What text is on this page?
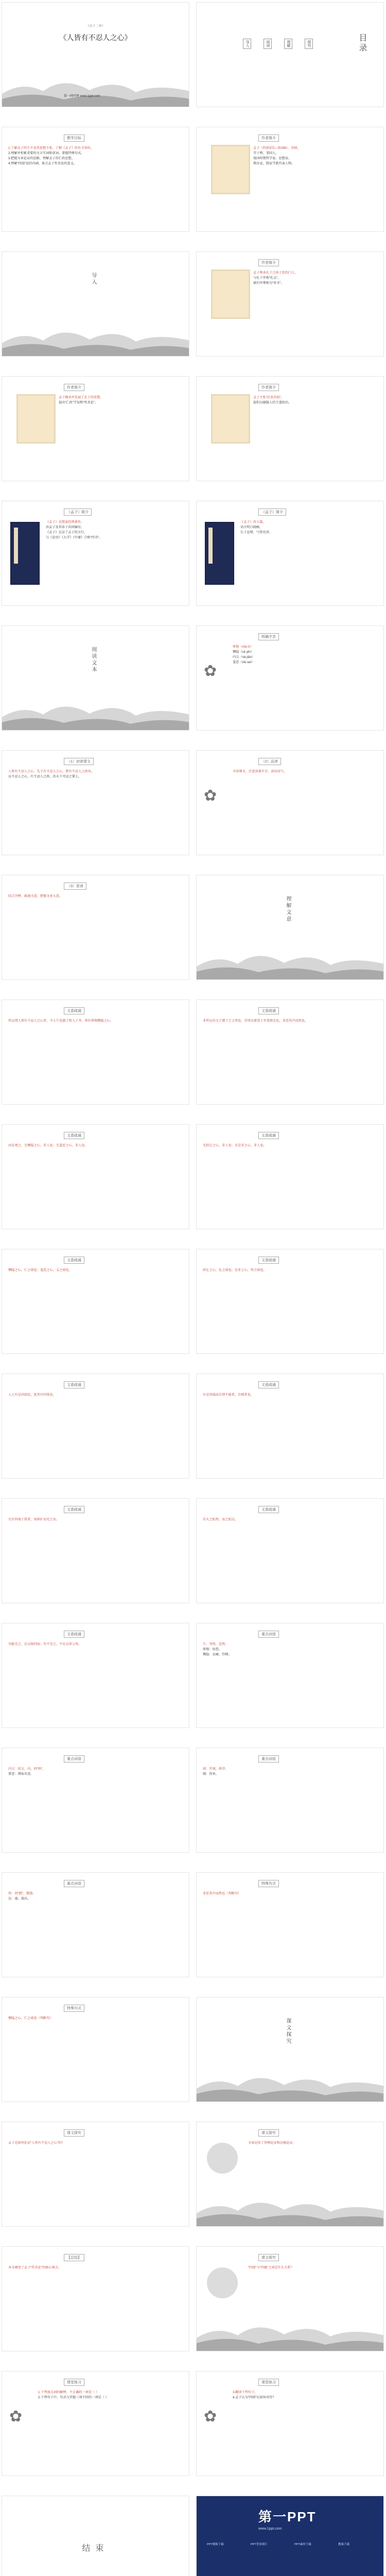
《孟子二章》
《人皆有不忍人之心》
第一PPT网 www.1ppt.com
目录
导入	阅读	理解	探究
教学目标
1.了解孟子的生平及其思想主张，了解《孟子》的有关知识。
2.理解并积累重要的文言实词和虚词，掌握特殊句式。
3.把握文章论证的思路，理解孟子的仁政思想。
4.理解“四端”说的内涵，体会孟子性善论的意义。
作者简介
孟子（约前372—前289），名轲，
字子舆，邹国人。
战国时期哲学家、思想家、
教育家，儒家学派代表人物。
导入
作者简介
孟子师承孔子之孙子思的门人，
与孔子并称“孔孟”，
被后世尊称为“亚圣”。
作者简介
孟子继承并发展了孔子的思想，
提出“仁政”学说和“性善论”。
作者简介
孟子主张“民贵君轻”，
提倡以德服人的王道政治。
《孟子》简介
《孟子》是儒家经典著作，
由孟子及其弟子共同编写。
《孟子》记录了孟子的言行，
与《论语》《大学》《中庸》合称“四书”。
《孟子》简介
《孟子》共七篇，
语言明白晓畅，
长于论辩，气势充沛。
阅读文本
明确字音
✿
怵惕（chù tì）
恻隐（cè yǐn）
内交（nà jiāo）
羞恶（xiū wù）
（1）初读课文
人皆有不忍人之心。先王有不忍人之心，斯有不忍人之政矣。
以不忍人之心，行不忍人之政，治天下可运之掌上。
（2）品读
✿
齐读课文，注意读准字音，读出语气。
（3）思读
结合注释，疏通文意，把握文章大意。	理解文意
文意疏通
所以谓人皆有不忍人之心者，今人乍见孺子将入于井，皆有怵惕恻隐之心。
文意疏通
非所以内交于孺子之父母也，非所以要誉于乡党朋友也，非恶其声而然也。
文意疏通
由是观之，无恻隐之心，非人也；无羞恶之心，非人也。
文意疏通
无辞让之心，非人也；无是非之心，非人也。
文意疏通
恻隐之心，仁之端也；羞恶之心，义之端也。
文意疏通
辞让之心，礼之端也；是非之心，智之端也。
文意疏通
人之有是四端也，犹其有四体也。
文意疏通
有是四端而自谓不能者，自贼者也。
文意疏通
凡有四端于我者，知皆扩而充之矣。
文意疏通
若火之始然，泉之始达。
文意疏通
苟能充之，足以保四海；苟不充之，不足以事父母。
重点词语
乍：突然，忽然。
怵惕：惊恐。
恻隐：哀痛，怜悯。
重点词语
内交：结交。内，同“纳”。
要誉：博取名誉。
重点词语
端：开端，萌芽。
贼：伤害。
重点词语
然：同“燃”，燃烧。
达：通，流出。
特殊句式
非恶其声而然也（判断句）
特殊句式
恻隐之心，仁之端也（判断句）	课文探究
课文探究
孟子是如何论证“人皆有不忍人之心”的？
课文探究
文章运用了举例论证和比喻论证。
【总结】
本文阐述了孟子“性善论”的核心观点。
课文探究
“四端”与“四德”之间是什么关系？
课堂练习
✿
1.下列加点词的解释，不正确的一项是（ ）
2.下列句子中，句式与其他三项不同的一项是（ ）
课堂练习
✿
3.翻译下列句子。
4.孟子认为“四端”应如何对待？
结束
第一PPT
www.1ppt.com
PPT模板下载	PPT背景图片	PPT素材下载	教案下载
